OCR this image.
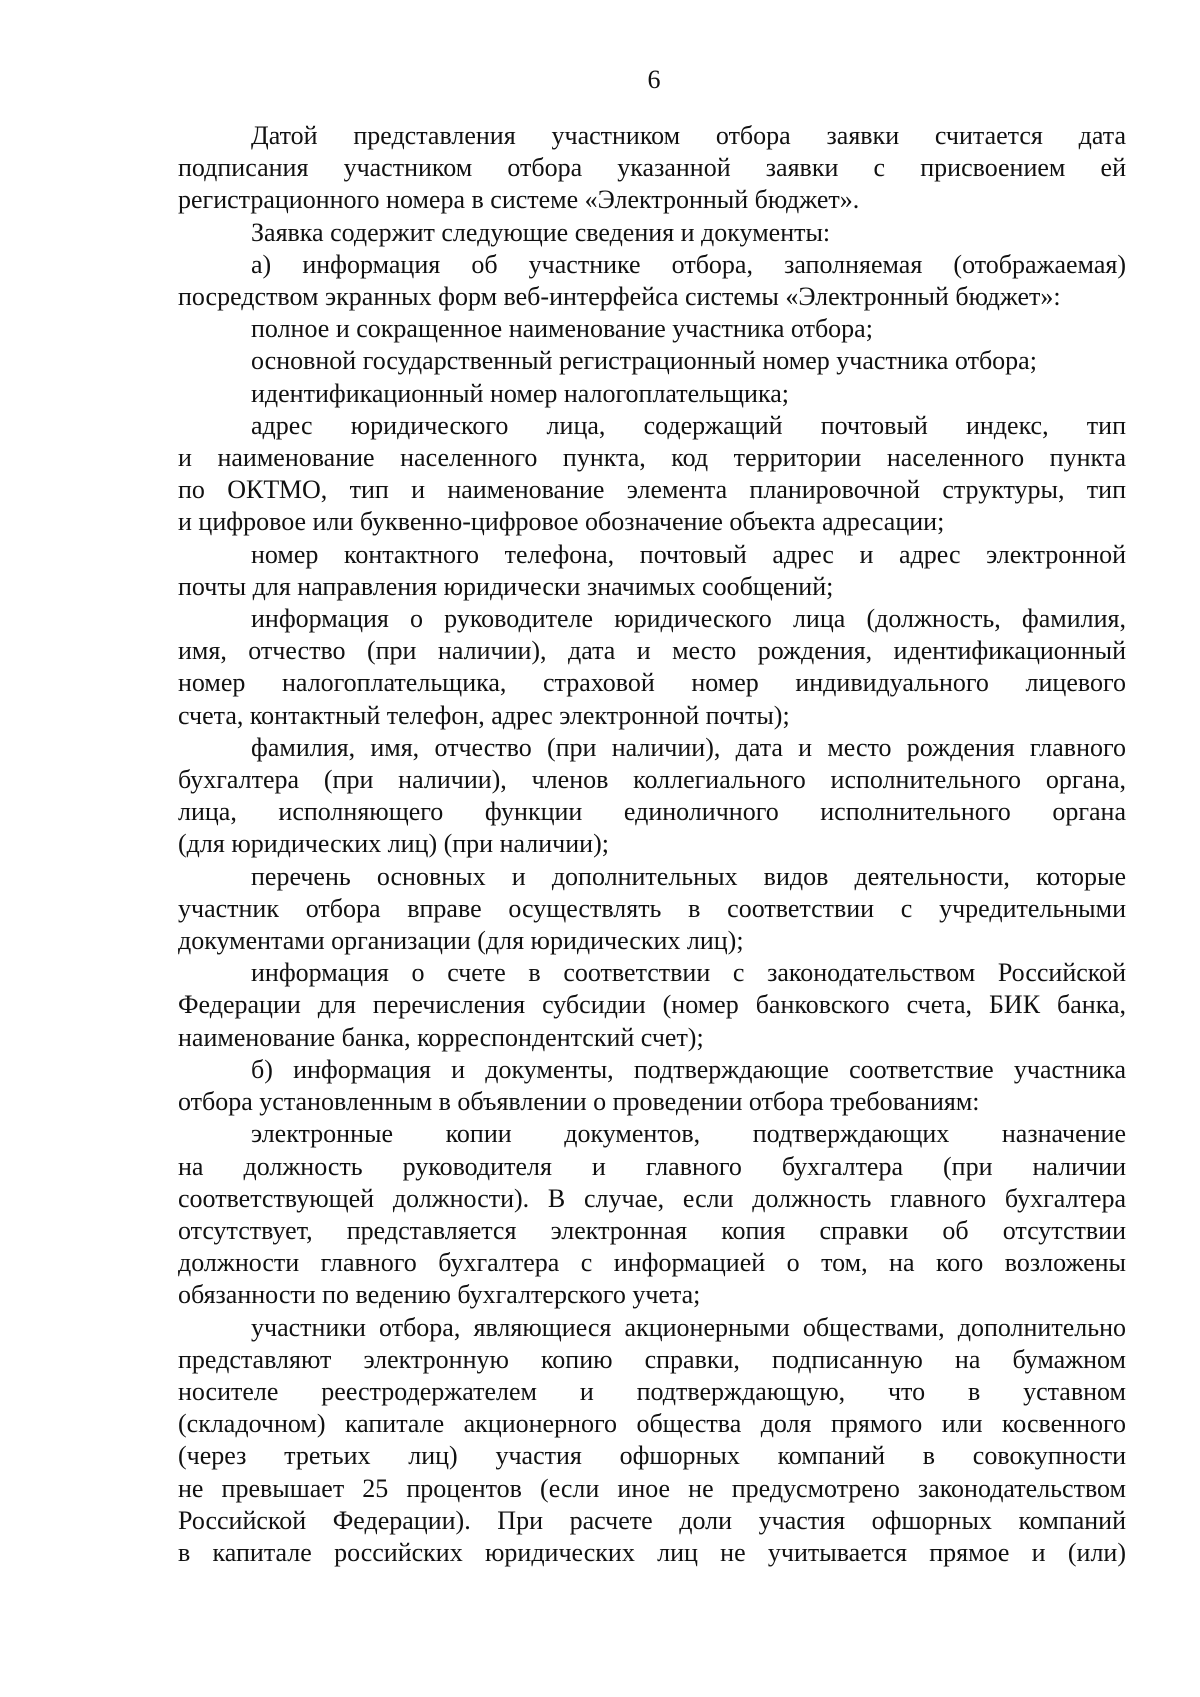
6
Датой представления участником отбора заявки считается дата
подписания участником отбора указанной заявки с присвоением ей
регистрационного номера в системе «Электронный бюджет».
Заявка содержит следующие сведения и документы:
а) информация об участнике отбора, заполняемая (отображаемая)
посредством экранных форм веб-интерфейса системы «Электронный бюджет»:
полное и сокращенное наименование участника отбора;
основной государственный регистрационный номер участника отбора;
идентификационный номер налогоплательщика;
адрес юридического лица, содержащий почтовый индекс, тип
и наименование населенного пункта, код территории населенного пункта
по ОКТМО, тип и наименование элемента планировочной структуры, тип
и цифровое или буквенно-цифровое обозначение объекта адресации;
номер контактного телефона, почтовый адрес и адрес электронной
почты для направления юридически значимых сообщений;
информация о руководителе юридического лица (должность, фамилия,
имя, отчество (при наличии), дата и место рождения, идентификационный
номер налогоплательщика, страховой номер индивидуального лицевого
счета, контактный телефон, адрес электронной почты);
фамилия, имя, отчество (при наличии), дата и место рождения главного
бухгалтера (при наличии), членов коллегиального исполнительного органа,
лица, исполняющего функции единоличного исполнительного органа
(для юридических лиц) (при наличии);
перечень основных и дополнительных видов деятельности, которые
участник отбора вправе осуществлять в соответствии с учредительными
документами организации (для юридических лиц);
информация о счете в соответствии с законодательством Российской
Федерации для перечисления субсидии (номер банковского счета, БИК банка,
наименование банка, корреспондентский счет);
б) информация и документы, подтверждающие соответствие участника
отбора установленным в объявлении о проведении отбора требованиям:
электронные копии документов, подтверждающих назначение
на должность руководителя и главного бухгалтера (при наличии
соответствующей должности). В случае, если должность главного бухгалтера
отсутствует, представляется электронная копия справки об отсутствии
должности главного бухгалтера с информацией о том, на кого возложены
обязанности по ведению бухгалтерского учета;
участники отбора, являющиеся акционерными обществами, дополнительно
представляют электронную копию справки, подписанную на бумажном
носителе реестродержателем и подтверждающую, что в уставном
(складочном) капитале акционерного общества доля прямого или косвенного
(через третьих лиц) участия офшорных компаний в совокупности
не превышает 25 процентов (если иное не предусмотрено законодательством
Российской Федерации). При расчете доли участия офшорных компаний
в капитале российских юридических лиц не учитывается прямое и (или)
